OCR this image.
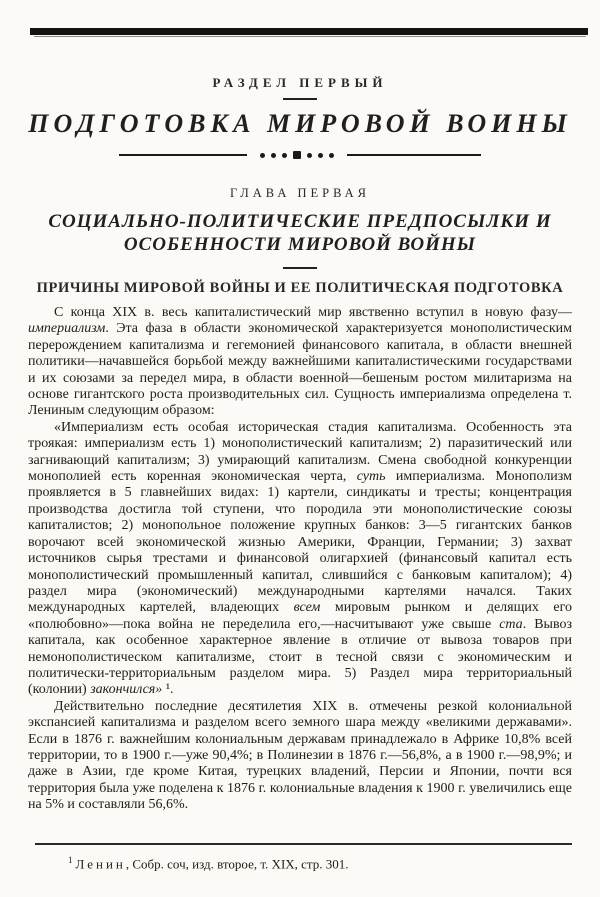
РАЗДЕЛ ПЕРВЫЙ
ПОДГОТОВКА МИРОВОЙ ВОИНЫ
ГЛАВА ПЕРВАЯ
СОЦИАЛЬНО-ПОЛИТИЧЕСКИЕ ПРЕДПОСЫЛКИ И
ОСОБЕННОСТИ МИРОВОЙ ВОЙНЫ
ПРИЧИНЫ МИРОВОЙ ВОЙНЫ И ЕЕ ПОЛИТИЧЕСКАЯ ПОДГОТОВКА

С конца XIX в. весь капиталистический мир явственно вступил в новую фазу—империализм. Эта фаза в области экономической характеризуется монополистическим перерождением капитализма и гегемонией финансового капитала, в области внешней политики—начавшейся борьбой между важнейшими капиталистическими государствами и их союзами за передел мира, в области военной—бешеным ростом милитаризма на основе гигантского роста производительных сил. Сущность империализма определена т. Лениным следующим образом:

«Империализм есть особая историческая стадия капитализма. Особенность эта троякая: империализм есть 1) монополистический капитализм; 2) паразитический или загнивающий капитализм; 3) умирающий капитализм. Смена свободной конкуренции монополией есть коренная экономическая черта, суть империализма. Монополизм проявляется в 5 главнейших видах: 1) картели, синдикаты и тресты; концентрация производства достигла той ступени, что породила эти монополистические союзы капиталистов; 2) монопольное положение крупных банков: 3—5 гигантских банков ворочают всей экономической жизнью Америки, Франции, Германии; 3) захват источников сырья трестами и финансовой олигархией (финансовый капитал есть монополистический промышленный капитал, слившийся с банковым капиталом); 4) раздел мира (экономический) международными картелями начался. Таких международных картелей, владеющих всем мировым рынком и делящих его «полюбовно»—пока война не переделила его,—насчитывают уже свыше ста. Вывоз капитала, как особенное характерное явление в отличие от вывоза товаров при немонополистическом капитализме, стоит в тесной связи с экономическим и политически-территориальным разделом мира. 5) Раздел мира территориальный (колонии) закончился» ¹.

Действительно последние десятилетия XIX в. отмечены резкой колониальной экспансией капитализма и разделом всего земного шара между «великими державами». Если в 1876 г. важнейшим колониальным державам принадлежало в Африке 10,8% всей территории, то в 1900 г.—уже 90,4%; в Полинезии в 1876 г.—56,8%, а в 1900 г.—98,9%; и даже в Азии, где кроме Китая, турецких владений, Персии и Японии, почти вся территория была уже поделена к 1876 г. колониальные владения к 1900 г. увеличились еще на 5% и составляли 56,6%.

$^1$ Ленин, Собр. соч, изд. второе, т. XIX, стр. 301.
